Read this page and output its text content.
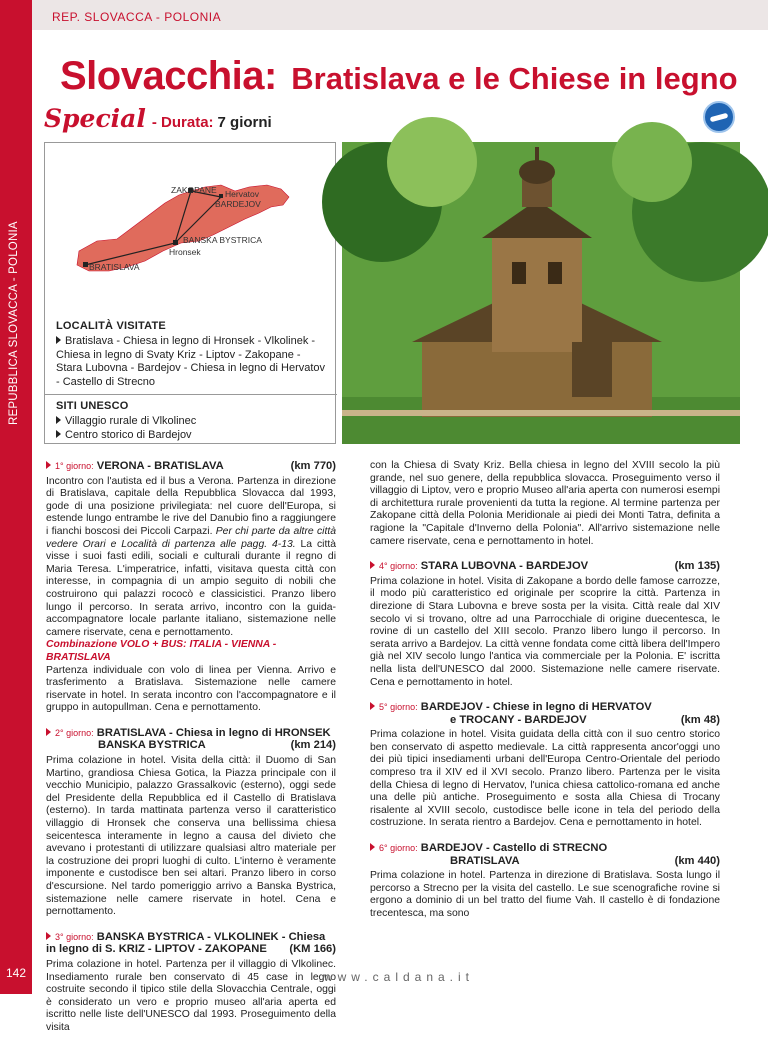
REP. SLOVACCA - POLONIA
REPUBBLICA SLOVACCA - POLONIA
142
Slovacchia: Bratislava e le Chiese in legno
Special - Durata: 7 giorni
ZAKOPANE Hervatov
BARDEJOV
BANSKA BYSTRICA
Hronsek
BRATISLAVA
LOCALITÀ VISITATE

Bratislava - Chiesa in legno di Hronsek - Vlkolinek - Chiesa in legno di Svaty Kriz - Liptov - Zakopane - Stara Lubovna - Bardejov - Chiesa in legno di Hervatov - Castello di Strecno

SITI UNESCO

Villaggio rurale di Vlkolinec

Centro storico di Bardejov

1° giorno: VERONA - BRATISLAVA	(km 770)

Incontro con l'autista ed il bus a Verona. Partenza in direzione di Bratislava, capitale della Repubblica Slovacca dal 1993, gode di una posizione privilegiata: nel cuore dell'Europa, si estende lungo entrambe le rive del Danubio fino a raggiungere i fianchi boscosi dei Piccoli Carpazi. Per chi parte da altre città vedere Orari e Località di partenza alle pagg. 4-13. La città visse i suoi fasti edili, sociali e culturali durante il regno di Maria Teresa. L'imperatrice, infatti, visitava questa città con interesse, in compagnia di un ampio seguito di nobili che costruirono qui palazzi rococò e classicistici. Pranzo libero lungo il percorso. In serata arrivo, incontro con la guida-accompagnatore locale parlante italiano, sistemazione nelle camere riservate, cena e pernottamento.

Combinazione VOLO + BUS: ITALIA - VIENNA - BRATISLAVA

Partenza individuale con volo di linea per Vienna. Arrivo e trasferimento a Bratislava. Sistemazione nelle camere riservate in hotel. In serata incontro con l'accompagnatore e il gruppo in autopullman. Cena e pernottamento.

2° giorno: BRATISLAVA - Chiesa in legno di HRONSEK
BANSKA BYSTRICA	(km 214)

Prima colazione in hotel. Visita della città: il Duomo di San Martino, grandiosa Chiesa Gotica, la Piazza principale con il vecchio Municipio, palazzo Grassalkovic (esterno), oggi sede del Presidente della Repubblica ed il Castello di Bratislava (esterno). In tarda mattinata partenza verso il caratteristico villaggio di Hronsek che conserva una bellissima chiesa seicentesca interamente in legno a causa del divieto che avevano i protestanti di utilizzare qualsiasi altro materiale per la costruzione dei propri luoghi di culto. L'interno è veramente imponente e custodisce ben sei altari. Pranzo libero in corso d'escursione. Nel tardo pomeriggio arrivo a Banska Bystrica, sistemazione nelle camere riservate in hotel. Cena e pernottamento.

3° giorno: BANSKA BYSTRICA - VLKOLINEK - Chiesa
in legno di S. KRIZ - LIPTOV - ZAKOPANE (KM 166)

Prima colazione in hotel. Partenza per il villaggio di Vlkolinec. Insediamento rurale ben conservato di 45 case in legno costruite secondo il tipico stile della Slovacchia Centrale, oggi è considerato un vero e proprio museo all'aria aperta ed iscritto nelle liste dell'UNESCO dal 1993. Proseguimento della visita

con la Chiesa di Svaty Kriz. Bella chiesa in legno del XVIII secolo la più grande, nel suo genere, della repubblica slovacca. Proseguimento verso il villaggio di Liptov, vero e proprio Museo all'aria aperta con numerosi esempi di architettura rurale provenienti da tutta la regione. Al termine partenza per Zakopane città della Polonia Meridionale ai piedi dei Monti Tatra, definita a ragione la "Capitale d'Inverno della Polonia". All'arrivo sistemazione nelle camere riservate, cena e pernottamento in hotel.

4° giorno: STARA LUBOVNA - BARDEJOV	(km 135)

Prima colazione in hotel. Visita di Zakopane a bordo delle famose carrozze, il modo più caratteristico ed originale per scoprire la città. Partenza in direzione di Stara Lubovna e breve sosta per la visita. Città reale dal XIV secolo vi si trovano, oltre ad una Parrocchiale di origine duecentesca, le rovine di un castello del XIII secolo. Pranzo libero lungo il percorso. In serata arrivo a Bardejov. La città venne fondata come città libera dell'Impero già nel XIV secolo lungo l'antica via commerciale per la Polonia. E' iscritta nella lista dell'UNESCO dal 2000. Sistemazione nelle camere riservate. Cena e pernottamento in hotel.

5° giorno: BARDEJOV - Chiese in legno di HERVATOV
e TROCANY - BARDEJOV	(km 48)

Prima colazione in hotel. Visita guidata della città con il suo centro storico ben conservato di aspetto medievale. La città rappresenta ancor'oggi uno dei più tipici insediamenti urbani dell'Europa Centro-Orientale del periodo compreso tra il XIV ed il XVI secolo. Pranzo libero. Partenza per le visita della Chiesa di legno di Hervatov, l'unica chiesa cattolico-romana ed anche una delle più antiche. Proseguimento e sosta alla Chiesa di Trocany risalente al XVIII secolo, custodisce belle icone in tela del periodo della costruzione. In serata rientro a Bardejov. Cena e pernottamento in hotel.

6° giorno: BARDEJOV - Castello di STRECNO
BRATISLAVA	(km 440)

Prima colazione in hotel. Partenza in direzione di Bratislava. Sosta lungo il percorso a Strecno per la visita del castello. Le sue scenografiche rovine si ergono a dominio di un bel tratto del fiume Vah. Il castello è di fondazione trecentesca, ma sono

www.caldana.it
